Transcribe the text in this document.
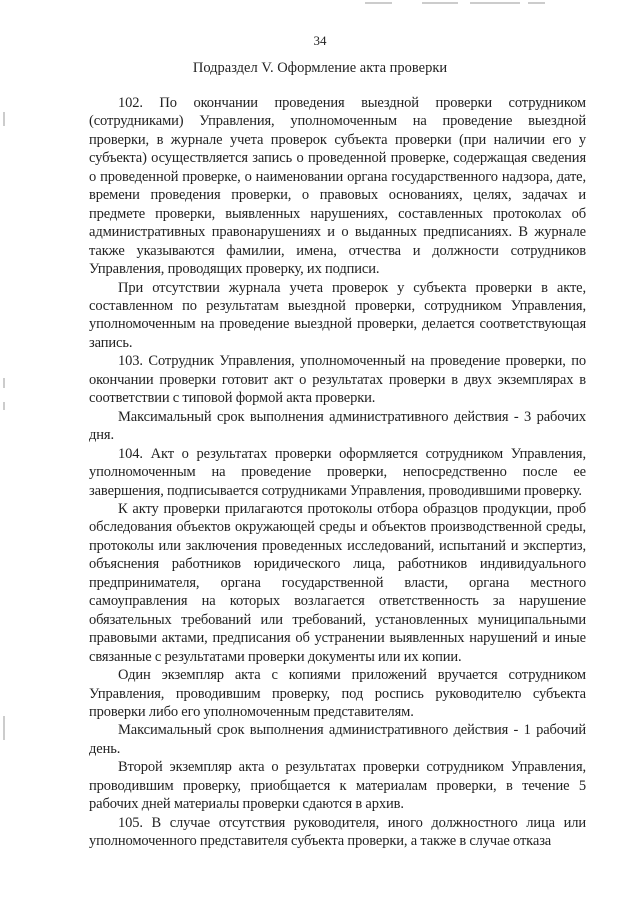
34
Подраздел V. Оформление акта проверки

102. По окончании проведения выездной проверки сотрудником (сотрудниками) Управления, уполномоченным на проведение выездной проверки, в журнале учета проверок субъекта проверки (при наличии его у субъекта) осуществляется запись о проведенной проверке, содержащая сведения о проведенной проверке, о наименовании органа государственного надзора, дате, времени проведения проверки, о правовых основаниях, целях, задачах и предмете проверки, выявленных нарушениях, составленных протоколах об административных правонарушениях и о выданных предписаниях. В журнале также указываются фамилии, имена, отчества и должности сотрудников Управления, проводящих проверку, их подписи.

При отсутствии журнала учета проверок у субъекта проверки в акте, составленном по результатам выездной проверки, сотрудником Управления, уполномоченным на проведение выездной проверки, делается соответствующая запись.

103. Сотрудник Управления, уполномоченный на проведение проверки, по окончании проверки готовит акт о результатах проверки в двух экземплярах в соответствии с типовой формой акта проверки.

Максимальный срок выполнения административного действия - 3 рабочих дня.

104. Акт о результатах проверки оформляется сотрудником Управления, уполномоченным на проведение проверки, непосредственно после ее завершения, подписывается сотрудниками Управления, проводившими проверку.

К акту проверки прилагаются протоколы отбора образцов продукции, проб обследования объектов окружающей среды и объектов производственной среды, протоколы или заключения проведенных исследований, испытаний и экспертиз, объяснения работников юридического лица, работников индивидуального предпринимателя, органа государственной власти, органа местного самоуправления на которых возлагается ответственность за нарушение обязательных требований или требований, установленных муниципальными правовыми актами, предписания об устранении выявленных нарушений и иные связанные с результатами проверки документы или их копии.

Один экземпляр акта с копиями приложений вручается сотрудником Управления, проводившим проверку, под роспись руководителю субъекта проверки либо его уполномоченным представителям.

Максимальный срок выполнения административного действия - 1 рабочий день.

Второй экземпляр акта о результатах проверки сотрудником Управления, проводившим проверку, приобщается к материалам проверки, в течение 5 рабочих дней материалы проверки сдаются в архив.

105. В случае отсутствия руководителя, иного должностного лица или уполномоченного представителя субъекта проверки, а также в случае отказа
